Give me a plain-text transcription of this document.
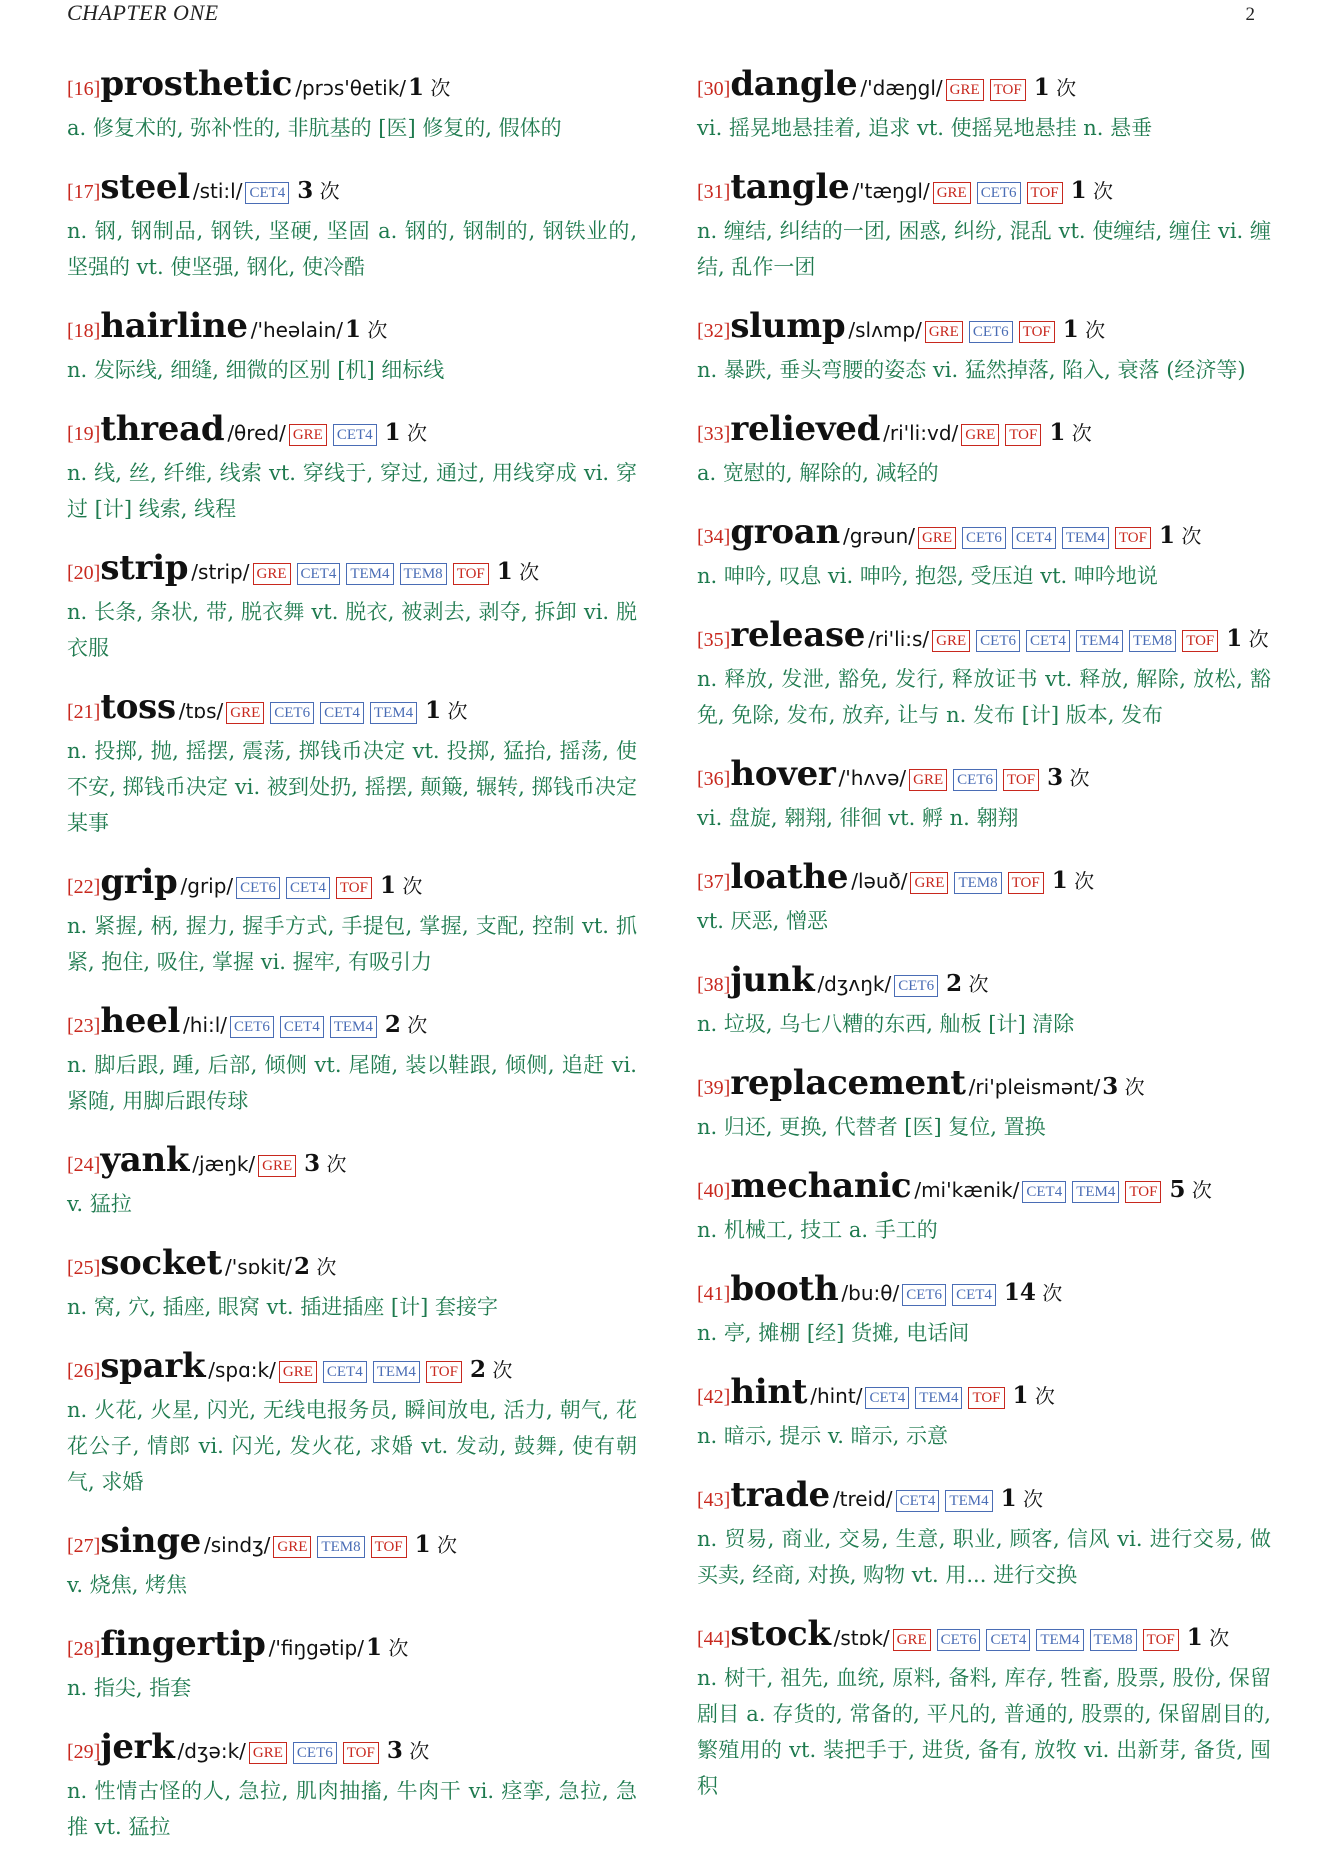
CHAPTER ONE	2
[16]prosthetic /prɔs'θetik/1 次
a. 修复术的, 弥补性的, 非肮基的 [医] 修复的, 假体的
[17]steel /sti:l/ CET4 3 次
n. 钢, 钢制品, 钢铁, 坚硬, 坚固 a. 钢的, 钢制的, 钢铁业的, 坚强的 vt. 使坚强, 钢化, 使冷酷
[18]hairline /'heəlain/1 次
n. 发际线, 细缝, 细微的区别 [机] 细标线
[19]thread /θred/ GRE CET4 1 次
n. 线, 丝, 纤维, 线索 vt. 穿线于, 穿过, 通过, 用线穿成 vi. 穿过 [计] 线索, 线程
[20]strip /strip/ GRE CET4 TEM4 TEM8 TOF 1 次
n. 长条, 条状, 带, 脱衣舞 vt. 脱衣, 被剥去, 剥夺, 拆卸 vi. 脱衣服
[21]toss /tɒs/ GRE CET6 CET4 TEM4 1 次
n. 投掷, 抛, 摇摆, 震荡, 掷钱币决定 vt. 投掷, 猛抬, 摇荡, 使不安, 掷钱币决定 vi. 被到处扔, 摇摆, 颠簸, 辗转, 掷钱币决定某事
[22]grip /grip/ CET6 CET4 TOF 1 次
n. 紧握, 柄, 握力, 握手方式, 手提包, 掌握, 支配, 控制 vt. 抓紧, 抱住, 吸住, 掌握 vi. 握牢, 有吸引力
[23]heel /hi:l/ CET6 CET4 TEM4 2 次
n. 脚后跟, 踵, 后部, 倾侧 vt. 尾随, 装以鞋跟, 倾侧, 追赶 vi. 紧随, 用脚后跟传球
[24]yank /jæŋk/ GRE 3 次
v. 猛拉
[25]socket /'sɒkit/2 次
n. 窝, 穴, 插座, 眼窝 vt. 插进插座 [计] 套接字
[26]spark /spɑ:k/ GRE CET4 TEM4 TOF 2 次
n. 火花, 火星, 闪光, 无线电报务员, 瞬间放电, 活力, 朝气, 花花公子, 情郎 vi. 闪光, 发火花, 求婚 vt. 发动, 鼓舞, 使有朝气, 求婚
[27]singe /sindʒ/ GRE TEM8 TOF 1 次
v. 烧焦, 烤焦
[28]fingertip /'fiŋgətip/1 次
n. 指尖, 指套
[29]jerk /dʒə:k/ GRE CET6 TOF 3 次
n. 性情古怪的人, 急拉, 肌肉抽搐, 牛肉干 vi. 痉挛, 急拉, 急推 vt. 猛拉
[30]dangle /'dæŋgl/ GRE TOF 1 次
vi. 摇晃地悬挂着, 追求 vt. 使摇晃地悬挂 n. 悬垂
[31]tangle /'tæŋgl/ GRE CET6 TOF 1 次
n. 缠结, 纠结的一团, 困惑, 纠纷, 混乱 vt. 使缠结, 缠住 vi. 缠结, 乱作一团
[32]slump /slʌmp/ GRE CET6 TOF 1 次
n. 暴跌, 垂头弯腰的姿态 vi. 猛然掉落, 陷入, 衰落 (经济等)
[33]relieved /ri'li:vd/ GRE TOF 1 次
a. 宽慰的, 解除的, 减轻的
[34]groan /grəun/ GRE CET6 CET4 TEM4 TOF 1 次
n. 呻吟, 叹息 vi. 呻吟, 抱怨, 受压迫 vt. 呻吟地说
[35]release /ri'li:s/ GRE CET6 CET4 TEM4 TEM8 TOF 1 次
n. 释放, 发泄, 豁免, 发行, 释放证书 vt. 释放, 解除, 放松, 豁免, 免除, 发布, 放弃, 让与 n. 发布 [计] 版本, 发布
[36]hover /'hʌvə/ GRE CET6 TOF 3 次
vi. 盘旋, 翱翔, 徘徊 vt. 孵 n. 翱翔
[37]loathe /ləuð/ GRE TEM8 TOF 1 次
vt. 厌恶, 憎恶
[38]junk /dʒʌŋk/ CET6 2 次
n. 垃圾, 乌七八糟的东西, 舢板 [计] 清除
[39]replacement /ri'pleismənt/3 次
n. 归还, 更换, 代替者 [医] 复位, 置换
[40]mechanic /mi'kænik/ CET4 TEM4 TOF 5 次
n. 机械工, 技工 a. 手工的
[41]booth /bu:θ/ CET6 CET4 14 次
n. 亭, 摊棚 [经] 货摊, 电话间
[42]hint /hint/ CET4 TEM4 TOF 1 次
n. 暗示, 提示 v. 暗示, 示意
[43]trade /treid/ CET4 TEM4 1 次
n. 贸易, 商业, 交易, 生意, 职业, 顾客, 信风 vi. 进行交易, 做买卖, 经商, 对换, 购物 vt. 用... 进行交换
[44]stock /stɒk/ GRE CET6 CET4 TEM4 TEM8 TOF 1 次
n. 树干, 祖先, 血统, 原料, 备料, 库存, 牲畜, 股票, 股份, 保留剧目 a. 存货的, 常备的, 平凡的, 普通的, 股票的, 保留剧目的, 繁殖用的 vt. 装把手于, 进货, 备有, 放牧 vi. 出新芽, 备货, 囤积
